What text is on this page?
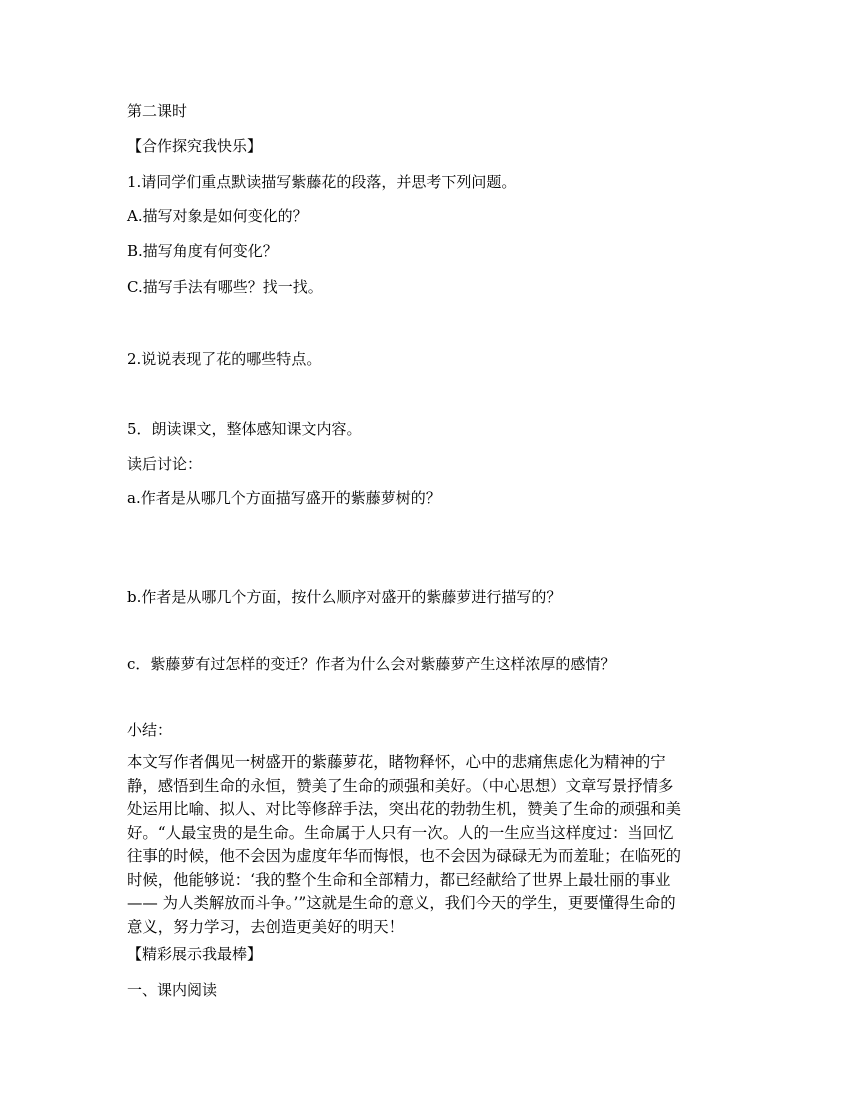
第二课时
【合作探究我快乐】
1.请同学们重点默读描写紫藤花的段落，并思考下列问题。
A.描写对象是如何变化的？
B.描写角度有何变化？
C.描写手法有哪些？找一找。
2.说说表现了花的哪些特点。
5．朗读课文，整体感知课文内容。
读后讨论：
a.作者是从哪几个方面描写盛开的紫藤萝树的？
b.作者是从哪几个方面，按什么顺序对盛开的紫藤萝进行描写的？
c．紫藤萝有过怎样的变迁？作者为什么会对紫藤萝产生这样浓厚的感情？
小结：
本文写作者偶见一树盛开的紫藤萝花，睹物释怀，心中的悲痛焦虑化为精神的宁
静，感悟到生命的永恒，赞美了生命的顽强和美好。（中心思想）文章写景抒情多
处运用比喻、拟人、对比等修辞手法，突出花的勃勃生机，赞美了生命的顽强和美
好。“人最宝贵的是生命。生命属于人只有一次。人的一生应当这样度过：当回忆
往事的时候，他不会因为虚度年华而悔恨，也不会因为碌碌无为而羞耻；在临死的
时候，他能够说：‘我的整个生命和全部精力，都已经献给了世界上最壮丽的事业
—— 为人类解放而斗争。’”这就是生命的意义，我们今天的学生，更要懂得生命的
意义，努力学习，去创造更美好的明天！
【精彩展示我最棒】
一、课内阅读
